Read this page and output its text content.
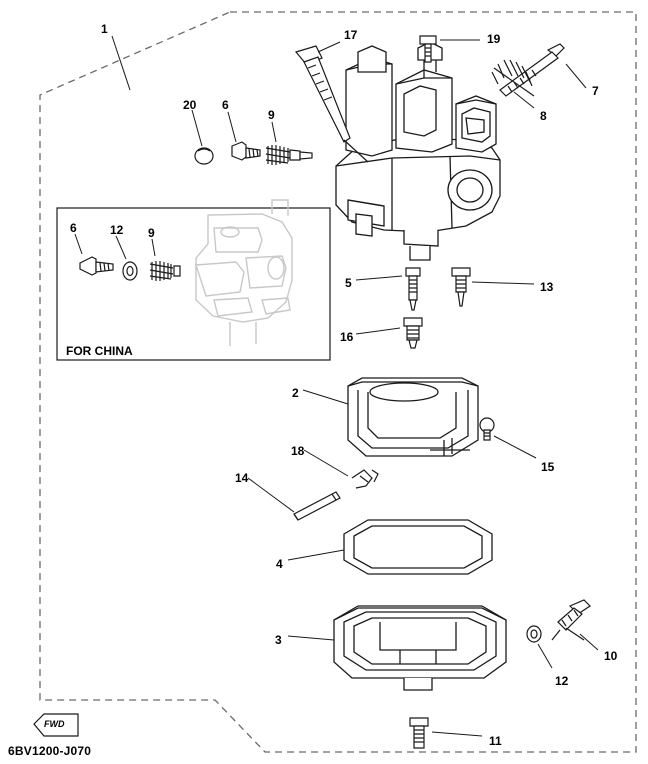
FOR CHINA
FWD
6BV1200-J070
1	17	19
7
8
20 6
9
6	12 9
5	13
16
2
15
18
14
4
3
10
12
11
